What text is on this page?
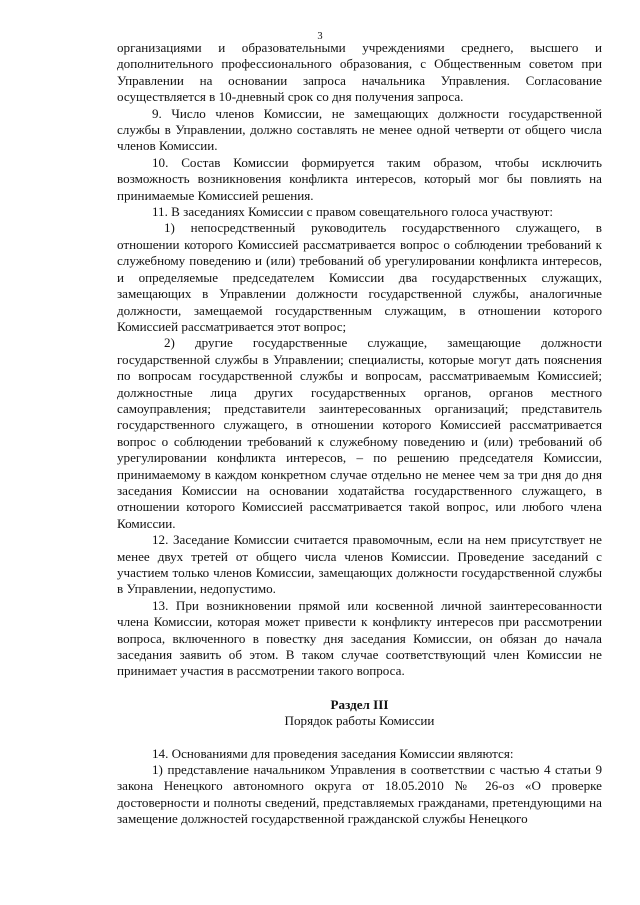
3

организациями и образовательными учреждениями среднего, высшего и дополнительного профессионального образования, с Общественным советом при Управлении на основании запроса начальника Управления. Согласование осуществляется в 10-дневный срок со дня получения запроса.

9. Число членов Комиссии, не замещающих должности государственной службы в Управлении, должно составлять не менее одной четверти от общего числа членов Комиссии.

10. Состав Комиссии формируется таким образом, чтобы исключить возможность возникновения конфликта интересов, который мог бы повлиять на принимаемые Комиссией решения.

11. В заседаниях Комиссии с правом совещательного голоса участвуют:

1) непосредственный руководитель государственного служащего, в отношении которого Комиссией рассматривается вопрос о соблюдении требований к служебному поведению и (или) требований об урегулировании конфликта интересов, и определяемые председателем Комиссии два государственных служащих, замещающих в Управлении должности государственной службы, аналогичные должности, замещаемой государственным служащим, в отношении которого Комиссией рассматривается этот вопрос;

2) другие государственные служащие, замещающие должности государственной службы в Управлении; специалисты, которые могут дать пояснения по вопросам государственной службы и вопросам, рассматриваемым Комиссией; должностные лица других государственных органов, органов местного самоуправления; представители заинтересованных организаций; представитель государственного служащего, в отношении которого Комиссией рассматривается вопрос о соблюдении требований к служебному поведению и (или) требований об урегулировании конфликта интересов, – по решению председателя Комиссии, принимаемому в каждом конкретном случае отдельно не менее чем за три дня до дня заседания Комиссии на основании ходатайства государственного служащего, в отношении которого Комиссией рассматривается такой вопрос, или любого члена Комиссии.

12. Заседание Комиссии считается правомочным, если на нем присутствует не менее двух третей от общего числа членов Комиссии. Проведение заседаний с участием только членов Комиссии, замещающих должности государственной службы в Управлении, недопустимо.

13. При возникновении прямой или косвенной личной заинтересованности члена Комиссии, которая может привести к конфликту интересов при рассмотрении вопроса, включенного в повестку дня заседания Комиссии, он обязан до начала заседания заявить об этом. В таком случае соответствующий член Комиссии не принимает участия в рассмотрении такого вопроса.

Раздел III
Порядок работы Комиссии

14. Основаниями для проведения заседания Комиссии являются:

1) представление начальником Управления в соответствии с частью 4 статьи 9 закона Ненецкого автономного округа от 18.05.2010 № 26-оз «О проверке достоверности и полноты сведений, представляемых гражданами, претендующими на замещение должностей государственной гражданской службы Ненецкого
